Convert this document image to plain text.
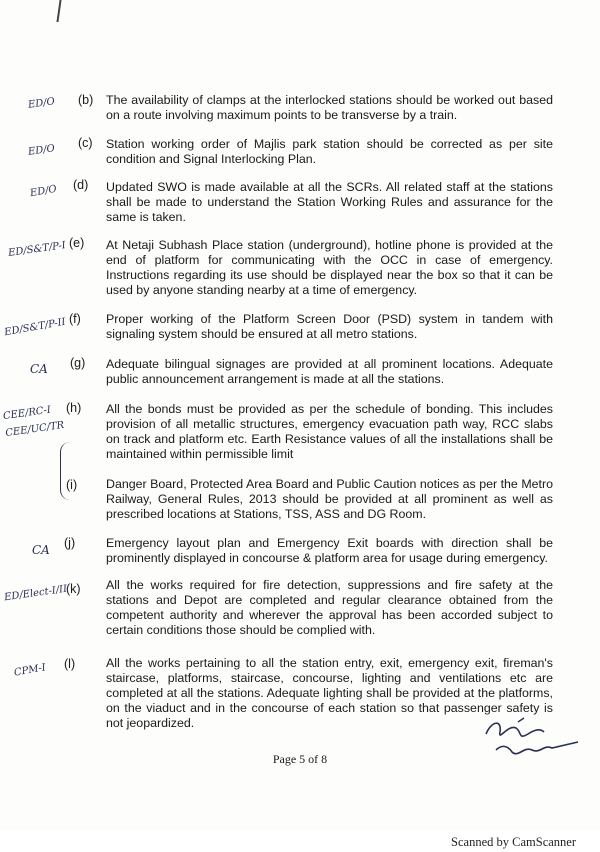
ED/O (b) The availability of clamps at the interlocked stations should be worked out based on a route involving maximum points to be transverse by a train.
ED/O
(c) Station working order of Majlis park station should be corrected as per site condition and Signal Interlocking Plan.
ED/O (d) Updated SWO is made available at all the SCRs. All related staff at the stations shall be made to understand the Station Working Rules and assurance for the same is taken.
ED/S&T/P-I (e) At Netaji Subhash Place station (underground), hotline phone is provided at the end of platform for communicating with the OCC in case of emergency. Instructions regarding its use should be displayed near the box so that it can be used by anyone standing nearby at a time of emergency.
ED/S&T/P-II (f) Proper working of the Platform Screen Door (PSD) system in tandem with signaling system should be ensured at all metro stations.
CA (g) Adequate bilingual signages are provided at all prominent locations. Adequate public announcement arrangement is made at all the stations.
CEE/RC-I CEE/UC/TR
(h) All the bonds must be provided as per the schedule of bonding. This includes provision of all metallic structures, emergency evacuation path way, RCC slabs on track and platform etc. Earth Resistance values of all the installations shall be maintained within permissible limit
(i) Danger Board, Protected Area Board and Public Caution notices as per the Metro Railway, General Rules, 2013 should be provided at all prominent as well as prescribed locations at Stations, TSS, ASS and DG Room.
CA (j) Emergency layout plan and Emergency Exit boards with direction shall be prominently displayed in concourse & platform area for usage during emergency.
ED/Elect-I/II
(k) All the works required for fire detection, suppressions and fire safety at the stations and Depot are completed and regular clearance obtained from the competent authority and wherever the approval has been accorded subject to certain conditions those should be complied with.
CPM-I (l) All the works pertaining to all the station entry, exit, emergency exit, fireman's staircase, platforms, staircase, concourse, lighting and ventilations etc are completed at all the stations. Adequate lighting shall be provided at the platforms, on the viaduct and in the concourse of each station so that passenger safety is not jeopardized.
Page 5 of 8
Scanned by CamScanner
